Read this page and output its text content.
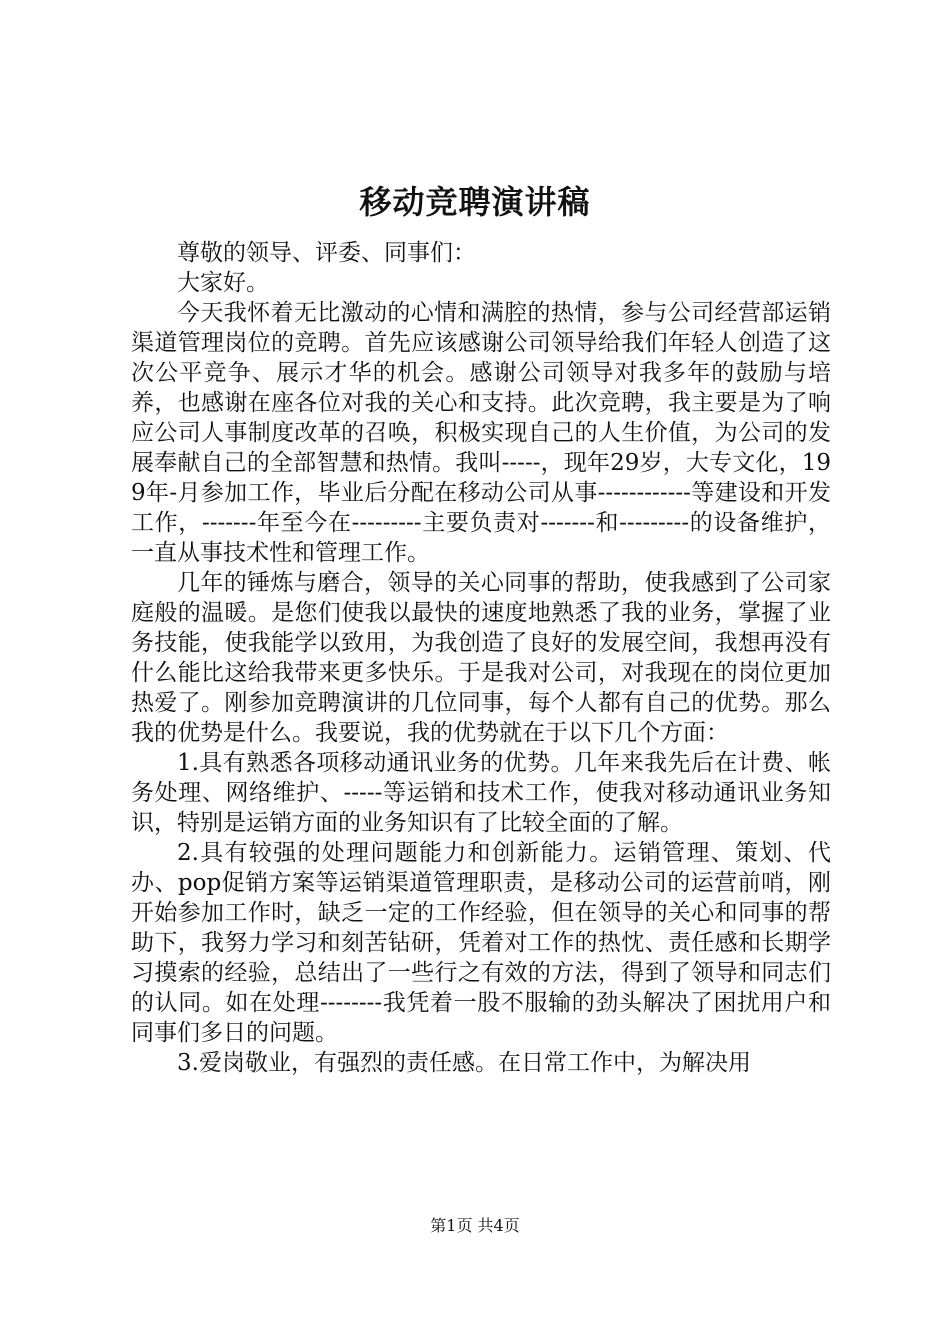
移动竞聘演讲稿

尊敬的领导、评委、同事们：

大家好。

今天我怀着无比激动的心情和满腔的热情，参与公司经营部运销渠道管理岗位的竞聘。首先应该感谢公司领导给我们年轻人创造了这次公平竞争、展示才华的机会。感谢公司领导对我多年的鼓励与培养，也感谢在座各位对我的关心和支持。此次竞聘，我主要是为了响应公司人事制度改革的召唤，积极实现自己的人生价值，为公司的发展奉献自己的全部智慧和热情。我叫-----，现年29岁，大专文化，199年-月参加工作，毕业后分配在移动公司从事------------等建设和开发工作，-------年至今在---------主要负责对-------和---------的设备维护，一直从事技术性和管理工作。

几年的锤炼与磨合，领导的关心同事的帮助，使我感到了公司家庭般的温暖。是您们使我以最快的速度地熟悉了我的业务，掌握了业务技能，使我能学以致用，为我创造了良好的发展空间，我想再没有什么能比这给我带来更多快乐。于是我对公司，对我现在的岗位更加热爱了。刚参加竞聘演讲的几位同事，每个人都有自己的优势。那么我的优势是什么。我要说，我的优势就在于以下几个方面：

1.具有熟悉各项移动通讯业务的优势。几年来我先后在计费、帐务处理、网络维护、-----等运销和技术工作，使我对移动通讯业务知识，特别是运销方面的业务知识有了比较全面的了解。

2.具有较强的处理问题能力和创新能力。运销管理、策划、代办、pop促销方案等运销渠道管理职责，是移动公司的运营前哨，刚开始参加工作时，缺乏一定的工作经验，但在领导的关心和同事的帮助下，我努力学习和刻苦钻研，凭着对工作的热忱、责任感和长期学习摸索的经验，总结出了一些行之有效的方法，得到了领导和同志们的认同。如在处理--------我凭着一股不服输的劲头解决了困扰用户和同事们多日的问题。

3.爱岗敬业，有强烈的责任感。在日常工作中，为解决用

第1页 共4页
